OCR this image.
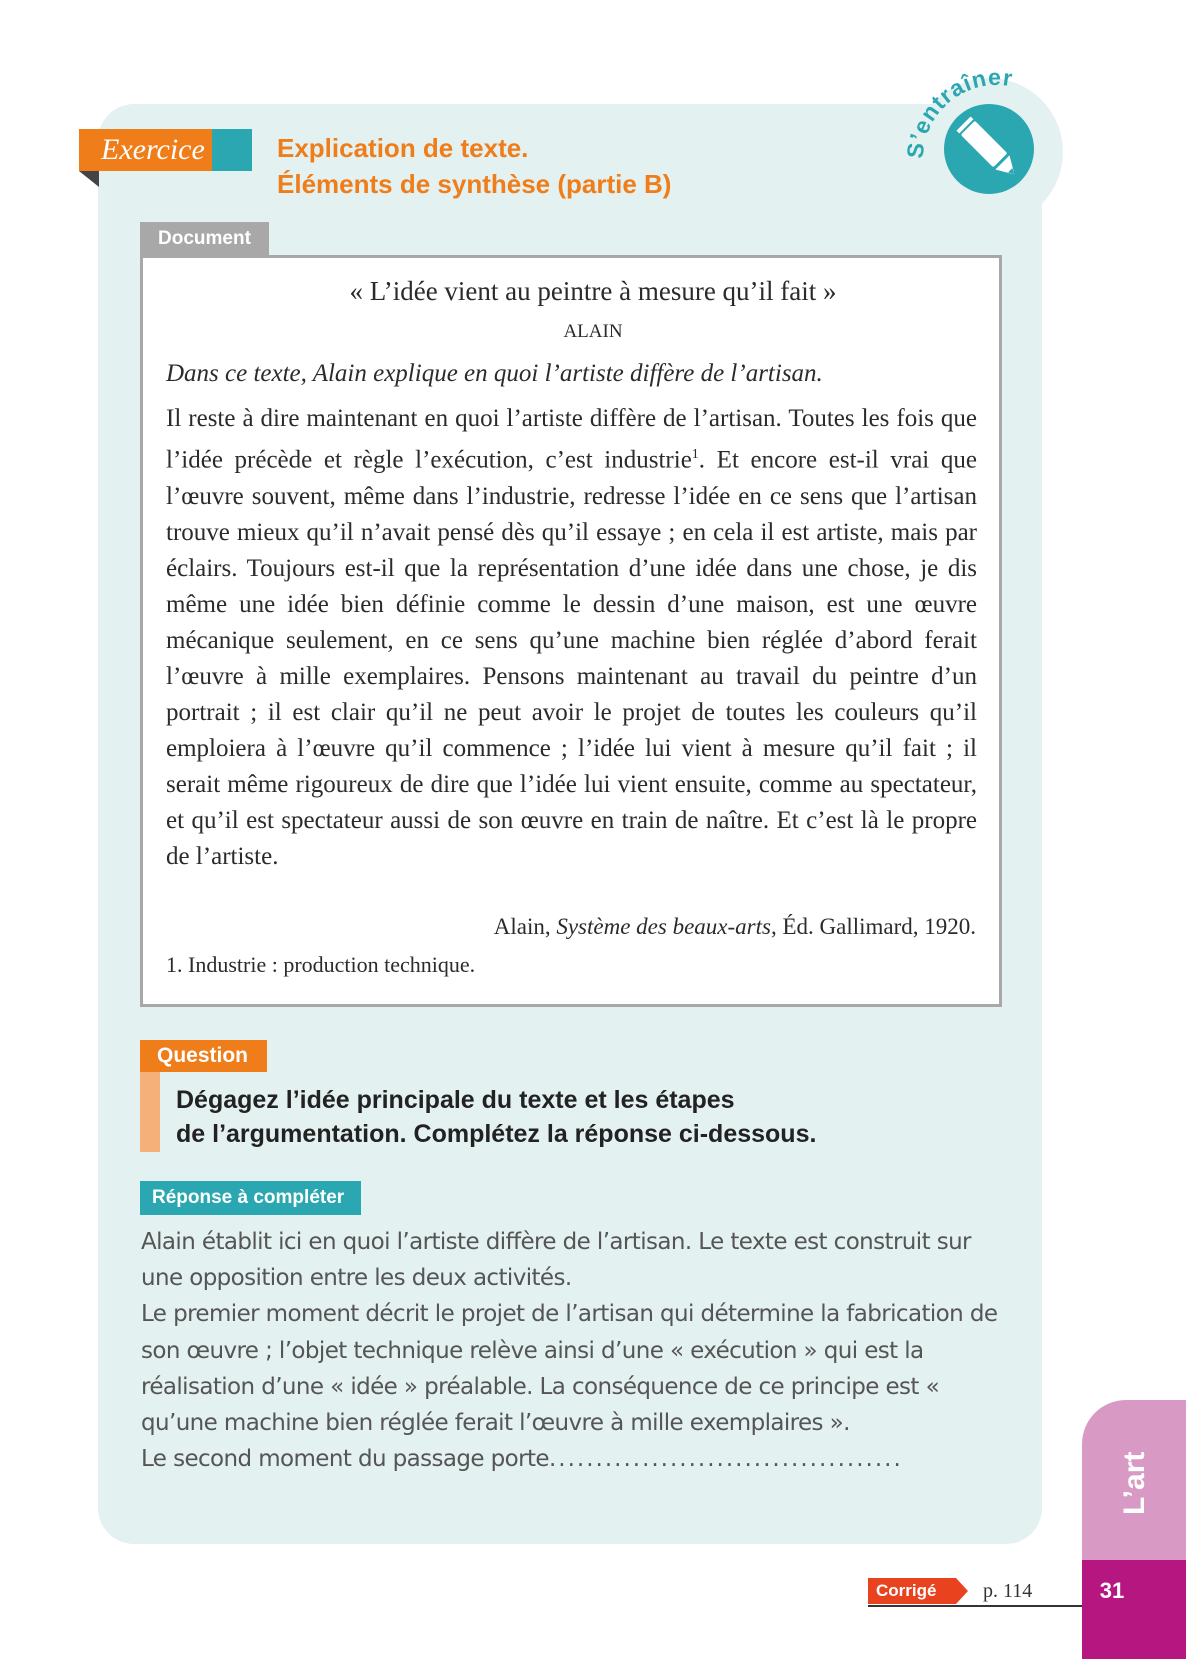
S’entraîner
Exercice	Explication de texte.
Éléments de synthèse (partie B)
Document
« L’idée vient au peintre à mesure qu’il fait »
ALAIN
Dans ce texte, Alain explique en quoi l’artiste diffère de l’artisan.

Il reste à dire maintenant en quoi l’artiste diffère de l’artisan. Toutes les fois que l’idée précède et règle l’exécution, c’est industrie$^1$. Et encore est-il vrai que l’œuvre souvent, même dans l’industrie, redresse l’idée en ce sens que l’artisan trouve mieux qu’il n’avait pensé dès qu’il essaye ; en cela il est artiste, mais par éclairs. Toujours est-il que la représentation d’une idée dans une chose, je dis même une idée bien définie comme le dessin d’une maison, est une œuvre mécanique seulement, en ce sens qu’une machine bien réglée d’abord ferait l’œuvre à mille exemplaires. Pensons maintenant au travail du peintre d’un portrait ; il est clair qu’il ne peut avoir le projet de toutes les couleurs qu’il emploiera à l’œuvre qu’il commence ; l’idée lui vient à mesure qu’il fait ; il serait même rigoureux de dire que l’idée lui vient ensuite, comme au spectateur, et qu’il est spectateur aussi de son œuvre en train de naître. Et c’est là le propre de l’artiste.

Alain, Système des beaux-arts, Éd. Gallimard, 1920.
1. Industrie : production technique.
Question
Dégagez l’idée principale du texte et les étapes
de l’argumentation. Complétez la réponse ci-dessous.
Réponse à compléter

Alain établit ici en quoi l’artiste diffère de l’artisan. Le texte est construit sur une opposition entre les deux activités.

Le premier moment décrit le projet de l’artisan qui détermine la fabrication de son œuvre ; l’objet technique relève ainsi d’une « exécution » qui est la réalisation d’une « idée » préalable. La conséquence de ce principe est « qu’une machine bien réglée ferait l’œuvre à mille exemplaires ».

Le second moment du passage porte......................................	L’art
31
Corrigé	p. 114
